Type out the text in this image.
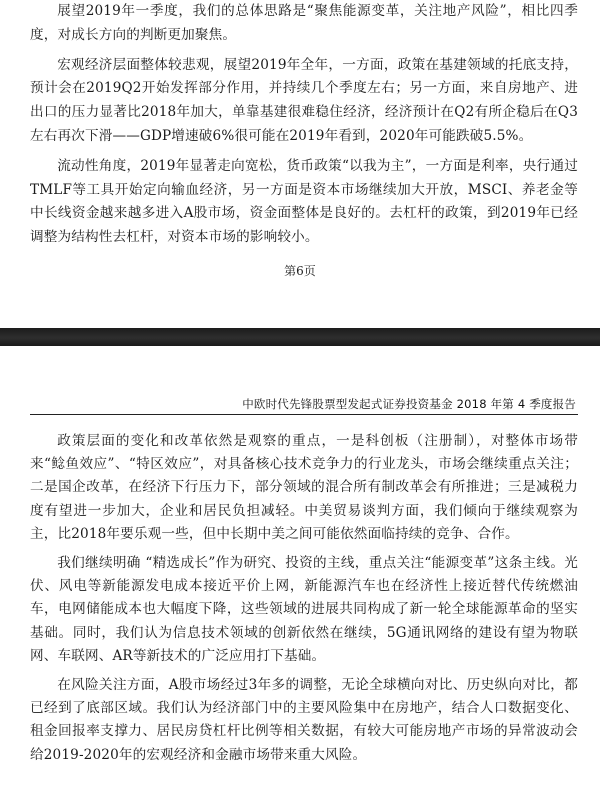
展望2019年一季度，我们的总体思路是“聚焦能源变革，关注地产风险”，相比四季度，对成长方向的判断更加聚焦。

宏观经济层面整体较悲观，展望2019年全年，一方面，政策在基建领域的托底支持，预计会在2019Q2开始发挥部分作用，并持续几个季度左右；另一方面，来自房地产、进出口的压力显著比2018年加大，单靠基建很难稳住经济，经济预计在Q2有所企稳后在Q3左右再次下滑——GDP增速破6%很可能在2019年看到，2020年可能跌破5.5%。

流动性角度，2019年显著走向宽松，货币政策“以我为主”，一方面是利率，央行通过TMLF等工具开始定向输血经济，另一方面是资本市场继续加大开放，MSCI、养老金等中长线资金越来越多进入A股市场，资金面整体是良好的。去杠杆的政策，到2019年已经调整为结构性去杠杆，对资本市场的影响较小。

第6页
中欧时代先锋股票型发起式证券投资基金 2018 年第 4 季度报告

政策层面的变化和改革依然是观察的重点，一是科创板（注册制），对整体市场带来“鲶鱼效应”、“特区效应”，对具备核心技术竞争力的行业龙头，市场会继续重点关注；二是国企改革，在经济下行压力下，部分领域的混合所有制改革会有所推进；三是减税力度有望进一步加大，企业和居民负担减轻。中美贸易谈判方面，我们倾向于继续观察为主，比2018年要乐观一些，但中长期中美之间可能依然面临持续的竞争、合作。

我们继续明确 “精选成长”作为研究、投资的主线，重点关注“能源变革”这条主线。光伏、风电等新能源发电成本接近平价上网，新能源汽车也在经济性上接近替代传统燃油车，电网储能成本也大幅度下降，这些领域的进展共同构成了新一轮全球能源革命的坚实基础。同时，我们认为信息技术领域的创新依然在继续，5G通讯网络的建设有望为物联网、车联网、AR等新技术的广泛应用打下基础。

在风险关注方面，A股市场经过3年多的调整，无论全球横向对比、历史纵向对比，都已经到了底部区域。我们认为经济部门中的主要风险集中在房地产，结合人口数据变化、租金回报率支撑力、居民房贷杠杆比例等相关数据，有较大可能房地产市场的异常波动会给2019-2020年的宏观经济和金融市场带来重大风险。
